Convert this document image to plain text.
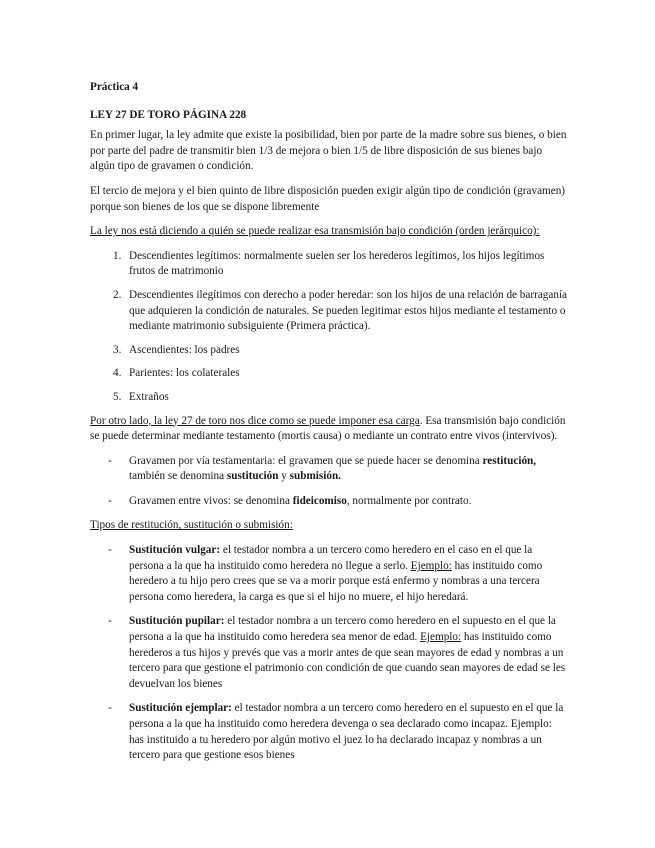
Práctica 4
LEY 27 DE TORO PÁGINA 228

En primer lugar, la ley admite que existe la posibilidad, bien por parte de la madre sobre sus bienes, o bien por parte del padre de transmitir bien 1/3 de mejora o bien 1/5 de libre disposición de sus bienes bajo algún tipo de gravamen o condición.

El tercio de mejora y el bien quinto de libre disposición pueden exigir algún tipo de condición (gravamen) porque son bienes de los que se dispone libremente

La ley nos está diciendo a quién se puede realizar esa transmisión bajo condición (orden jerárquico):

1. Descendientes legítimos: normalmente suelen ser los herederos legítimos, los hijos legítimos frutos de matrimonio
2. Descendientes ilegítimos con derecho a poder heredar: son los hijos de una relación de barraganía que adquieren la condición de naturales. Se pueden legitimar estos hijos mediante el testamento o mediante matrimonio subsiguiente (Primera práctica).
3. Ascendientes: los padres
4. Parientes: los colaterales
5. Extraños

Por otro lado, la ley 27 de toro nos dice como se puede imponer esa carga. Esa transmisión bajo condición se puede determinar mediante testamento (mortis causa) o mediante un contrato entre vivos (intervivos).

- Gravamen por vía testamentaria: el gravamen que se puede hacer se denomina restitución, también se denomina sustitución y submisión.
- Gravamen entre vivos: se denomina fideicomiso, normalmente por contrato.

Tipos de restitución, sustitución o submisión:

- Sustitución vulgar: el testador nombra a un tercero como heredero en el caso en el que la persona a la que ha instituido como heredera no llegue a serlo. Ejemplo: has instituido como heredero a tu hijo pero crees que se va a morir porque está enfermo y nombras a una tercera persona como heredera, la carga es que si el hijo no muere, el hijo heredará.
- Sustitución pupilar: el testador nombra a un tercero como heredero en el supuesto en el que la persona a la que ha instituido como heredera sea menor de edad. Ejemplo: has instituido como herederos a tus hijos y prevés que vas a morir antes de que sean mayores de edad y nombras a un tercero para que gestione el patrimonio con condición de que cuando sean mayores de edad se les devuelvan los bienes
- Sustitución ejemplar: el testador nombra a un tercero como heredero en el supuesto en el que la persona a la que ha instituido como heredera devenga o sea declarado como incapaz. Ejemplo: has instituido a tu heredero por algún motivo el juez lo ha declarado incapaz y nombras a un tercero para que gestione esos bienes
